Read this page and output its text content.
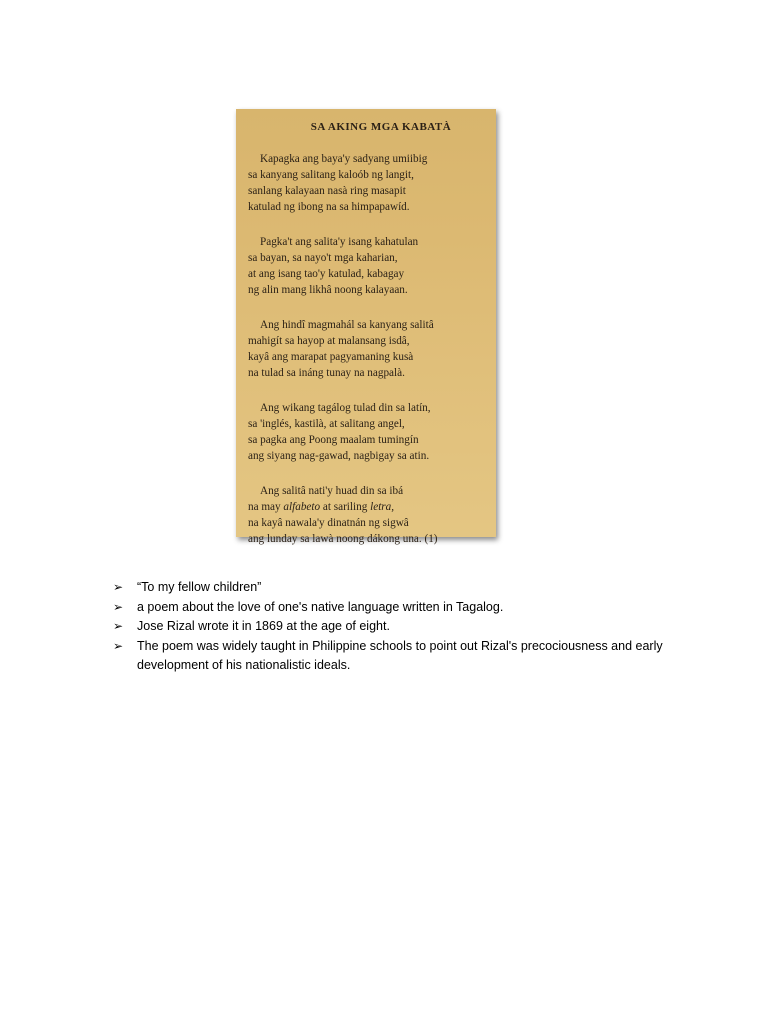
SA AKING MGA KABATÀ
Kapagka ang baya'y sadyang umiibig
sa kanyang salitang kaloób ng langit,
sanlang kalayaan nasà ring masapit
katulad ng ibong na sa himpapawíd.
Pagka't ang salita'y isang kahatulan
sa bayan, sa nayo't mga kaharian,
at ang isang tao'y katulad, kabagay
ng alin mang likhâ noong kalayaan.
Ang hindî magmahál sa kanyang salitâ
mahigít sa hayop at malansang isdâ,
kayâ ang marapat pagyamaning kusà
na tulad sa ináng tunay na nagpalà.
Ang wikang tagálog tulad din sa latín,
sa 'inglés, kastilà, at salitang angel,
sa pagka ang Poong maalam tumingín
ang siyang nag-gawad, nagbigay sa atin.
Ang salitâ nati'y huad din sa ibá
na may alfabeto at sariling letra,
na kayâ nawala'y dinatnán ng sigwâ
ang lunday sa lawà noong dákong una. (1)
➢	“To my fellow children”
➢	a poem about the love of one's native language written in Tagalog.
➢	Jose Rizal wrote it in 1869 at the age of eight.
➢	The poem was widely taught in Philippine schools to point out Rizal's precociousness and early development of his nationalistic ideals.
